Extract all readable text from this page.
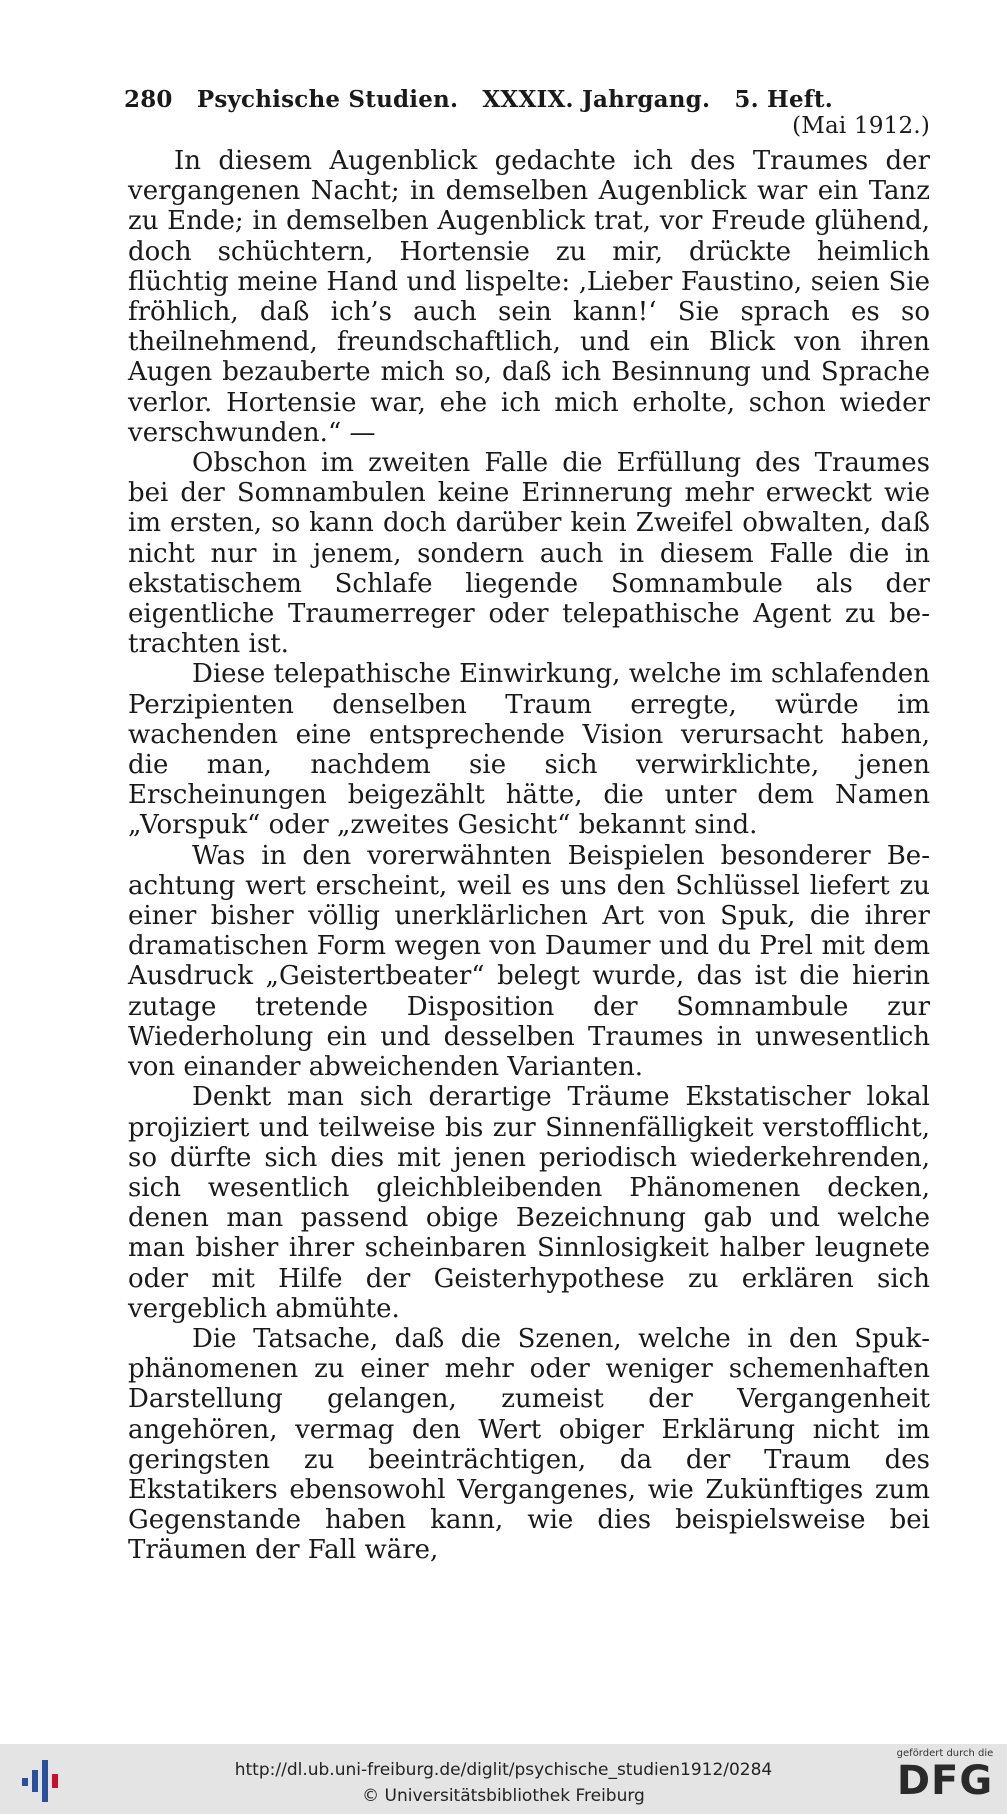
280 Psychische Studien. XXXIX. Jahrgang. 5. Heft.
(Mai 1912.)

In diesem Augenblick gedachte ich des Traumes der vergangenen Nacht; in demselben Augenblick war ein Tanz zu Ende; in demselben Augenblick trat, vor Freude glühend, doch schüchtern, Hortensie zu mir, drückte heimlich flüchtig meine Hand und lispelte: ‚Lieber Faustino, seien Sie fröhlich, daß ich’s auch sein kann!‘ Sie sprach es so theilnehmend, freundschaftlich, und ein Blick von ihren Augen bezauberte mich so, daß ich Besinnung und Sprache verlor. Hortensie war, ehe ich mich erholte, schon wieder verschwunden.“ —

Obschon im zweiten Falle die Erfüllung des Traumes bei der Somnambulen keine Erinnerung mehr erweckt wie im ersten, so kann doch darüber kein Zweifel obwalten, daß nicht nur in jenem, sondern auch in diesem Falle die in ekstatischem Schlafe liegende Somnambule als der eigentliche Traumerreger oder telepathische Agent zu betrachten ist.

Diese telepathische Einwirkung, welche im schlafenden Perzipienten denselben Traum erregte, würde im wachenden eine entsprechende Vision verursacht haben, die man, nachdem sie sich verwirklichte, jenen Erscheinungen beigezählt hätte, die unter dem Namen „Vorspuk“ oder „zweites Gesicht“ bekannt sind.

Was in den vorerwähnten Beispielen besonderer Beachtung wert erscheint, weil es uns den Schlüssel liefert zu einer bisher völlig unerklärlichen Art von Spuk, die ihrer dramatischen Form wegen von Daumer und du Prel mit dem Ausdruck „Geistertbeater“ belegt wurde, das ist die hierin zutage tretende Disposition der Somnambule zur Wiederholung ein und desselben Traumes in unwesentlich von einander abweichenden Varianten.

Denkt man sich derartige Träume Ekstatischer lokal projiziert und teilweise bis zur Sinnenfälligkeit verstofflicht, so dürfte sich dies mit jenen periodisch wiederkehrenden, sich wesentlich gleichbleibenden Phänomenen decken, denen man passend obige Bezeichnung gab und welche man bisher ihrer scheinbaren Sinnlosigkeit halber leugnete oder mit Hilfe der Geisterhypothese zu erklären sich vergeblich abmühte.

Die Tatsache, daß die Szenen, welche in den Spukphänomenen zu einer mehr oder weniger schemenhaften Darstellung gelangen, zumeist der Vergangenheit angehören, vermag den Wert obiger Erklärung nicht im geringsten zu beeinträchtigen, da der Traum des Ekstatikers ebensowohl Vergangenes, wie Zukünftiges zum Gegenstande haben kann, wie dies beispielsweise bei Träumen der Fall wäre,

http://dl.ub.uni-freiburg.de/diglit/psychische_studien1912/0284
© Universitätsbibliothek Freiburg
gefördert durch die
DFG
